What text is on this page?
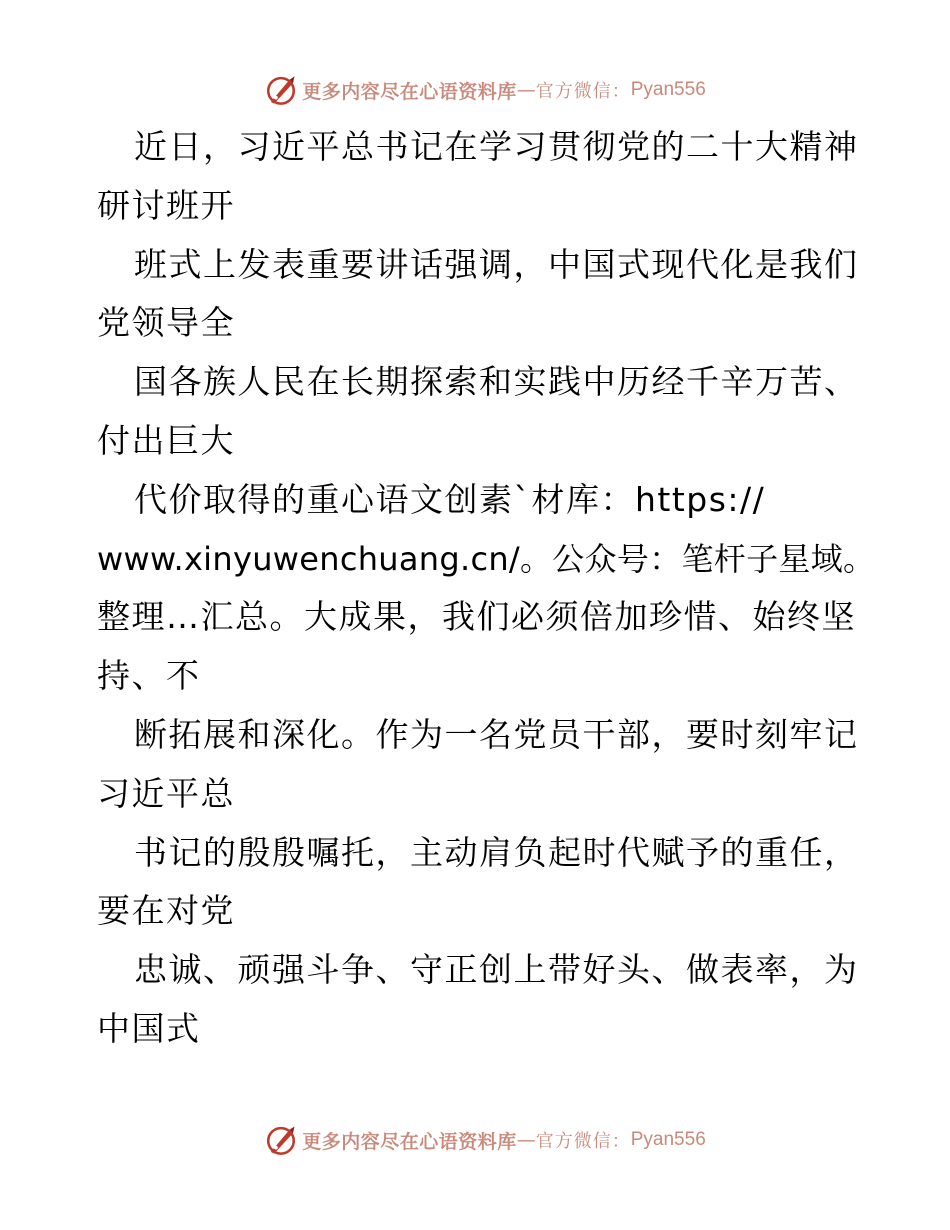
更多内容尽在心语资料库 — 官方微信： Pyan556
近日，习近平总书记在学习贯彻党的二十大精神
研讨班开
班式上发表重要讲话强调，中国式现代化是我们
党领导全
国各族人民在长期探索和实践中历经千辛万苦、
付出巨大
代价取得的重心语文创素`材库：https://
www.xinyuwenchuang.cn/。公众号：笔杆子星域。
整理…汇总。大成果，我们必须倍加珍惜、始终坚
持、不
断拓展和深化。作为一名党员干部，要时刻牢记
习近平总
书记的殷殷嘱托，主动肩负起时代赋予的重任，
要在对党
忠诚、顽强斗争、守正创上带好头、做表率，为
中国式
更多内容尽在心语资料库 — 官方微信： Pyan556
